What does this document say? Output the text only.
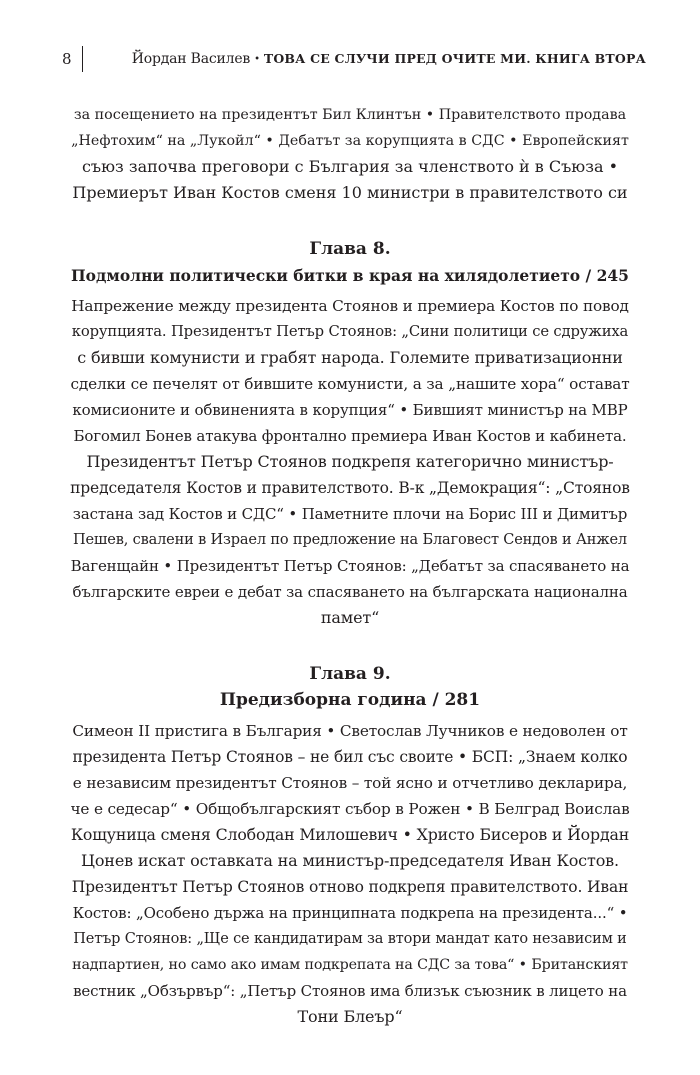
8	Йордан Василев • ТОВА СЕ СЛУЧИ ПРЕД ОЧИТЕ МИ. КНИГА ВТОРА

за посещението на президентът Бил Клинтън • Правителството продава

„Нефтохим“ на „Лукойл“ • Дебатът за корупцията в СДС • Европейският

съюз започва преговори с България за членството ѝ в Съюза •

Премиерът Иван Костов сменя 10 министри в правителството си

Глава 8.

Подмолни политически битки в края на хилядолетието / 245

Напрежение между президента Стоянов и премиера Костов по повод

корупцията. Президентът Петър Стоянов: „Сини политици се сдружиха

с бивши комунисти и грабят народа. Големите приватизационни

сделки се печелят от бившите комунисти, а за „нашите хора“ остават

комисионите и обвиненията в корупция“ • Бившият министър на МВР

Богомил Бонев атакува фронтално премиера Иван Костов и кабинета.

Президентът Петър Стоянов подкрепя категорично министър-

председателя Костов и правителството. В-к „Демокрация“: „Стоянов

застана зад Костов и СДС“ • Паметните плочи на Борис III и Димитър

Пешев, свалени в Израел по предложение на Благовест Сендов и Анжел

Вагенщайн • Президентът Петър Стоянов: „Дебатът за спасяването на

българските евреи е дебат за спасяването на българската национална

памет“

Глава 9.

Предизборна година / 281

Симеон II пристига в България • Светослав Лучников е недоволен от

президента Петър Стоянов – не бил със своите • БСП: „Знаем колко

е независим президентът Стоянов – той ясно и отчетливо декларира,

че е седесар“ • Общобългарският събор в Рожен • В Белград Воислав

Кощуница сменя Слободан Милошевич • Христо Бисеров и Йордан

Цонев искат оставката на министър-председателя Иван Костов.

Президентът Петър Стоянов отново подкрепя правителството. Иван

Костов: „Особено държа на принципната подкрепа на президента...“ •

Петър Стоянов: „Ще се кандидатирам за втори мандат като независим и

надпартиен, но само ако имам подкрепата на СДС за това“ • Британският

вестник „Обзървър“: „Петър Стоянов има близък съюзник в лицето на

Тони Блеър“
